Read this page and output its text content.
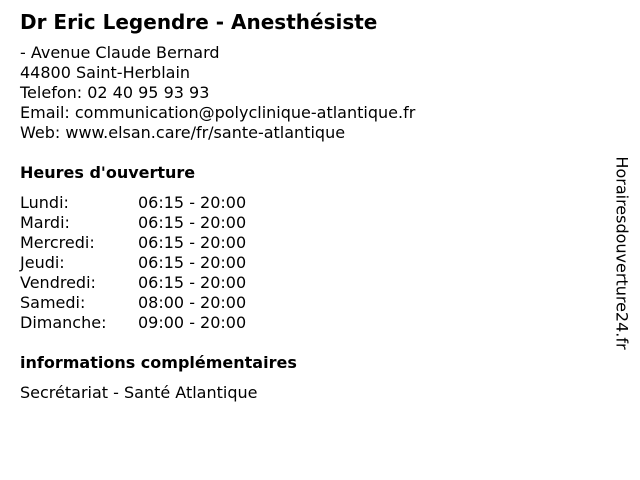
Dr Eric Legendre - Anesthésiste
- Avenue Claude Bernard
44800 Saint-Herblain
Telefon: 02 40 95 93 93
Email: communication@polyclinique-atlantique.fr
Web: www.elsan.care/fr/sante-atlantique
Heures d'ouverture
Lundi:	06:15 - 20:00
Mardi:	06:15 - 20:00
Mercredi:	06:15 - 20:00
Jeudi:	06:15 - 20:00
Vendredi:	06:15 - 20:00
Samedi:	08:00 - 20:00
Dimanche:	09:00 - 20:00
informations complémentaires
Secrétariat - Santé Atlantique
Horairesdouverture24.fr
